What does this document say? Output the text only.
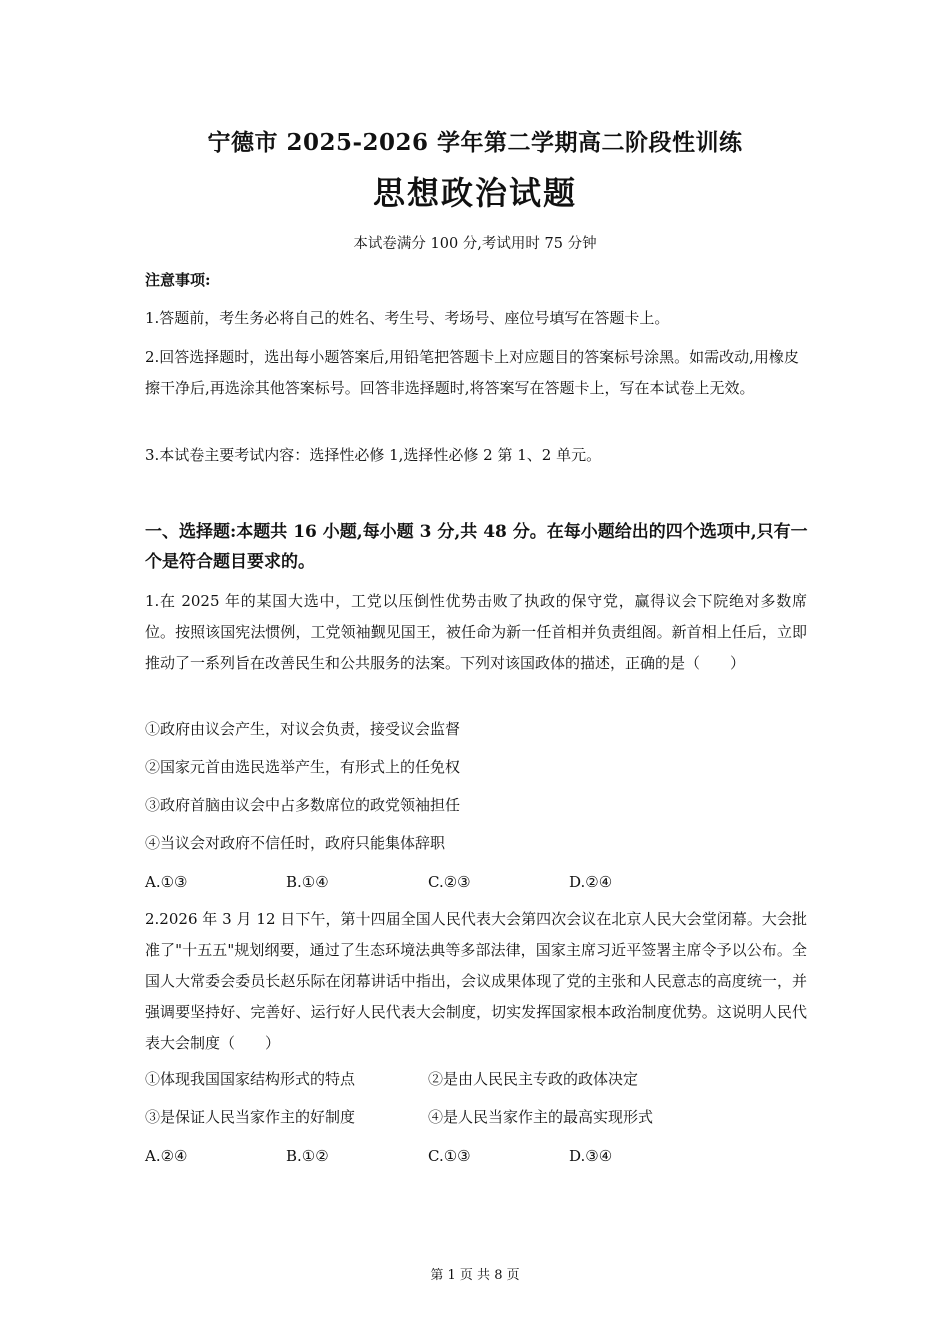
宁德市 2025-2026 学年第二学期高二阶段性训练
思想政治试题
本试卷满分 100 分,考试用时 75 分钟
注意事项:
1.答题前，考生务必将自己的姓名、考生号、考场号、座位号填写在答题卡上。
2.回答选择题时，选出每小题答案后,用铅笔把答题卡上对应题目的答案标号涂黑。如需改动,用橡皮擦干净后,再选涂其他答案标号。回答非选择题时,将答案写在答题卡上，写在本试卷上无效。
3.本试卷主要考试内容：选择性必修 1,选择性必修 2 第 1、2 单元。
一、选择题:本题共 16 小题,每小题 3 分,共 48 分。在每小题给出的四个选项中,只有一个是符合题目要求的。
1.在 2025 年的某国大选中，工党以压倒性优势击败了执政的保守党，赢得议会下院绝对多数席位。按照该国宪法惯例，工党领袖觐见国王，被任命为新一任首相并负责组阁。新首相上任后，立即推动了一系列旨在改善民生和公共服务的法案。下列对该国政体的描述，正确的是（　　）
①政府由议会产生，对议会负责，接受议会监督
②国家元首由选民选举产生，有形式上的任免权
③政府首脑由议会中占多数席位的政党领袖担任
④当议会对政府不信任时，政府只能集体辞职
A.①③	B.①④	C.②③	D.②④
2.2026 年 3 月 12 日下午，第十四届全国人民代表大会第四次会议在北京人民大会堂闭幕。大会批准了"十五五"规划纲要，通过了生态环境法典等多部法律，国家主席习近平签署主席令予以公布。全国人大常委会委员长赵乐际在闭幕讲话中指出，会议成果体现了党的主张和人民意志的高度统一，并强调要坚持好、完善好、运行好人民代表大会制度，切实发挥国家根本政治制度优势。这说明人民代表大会制度（　　）
①体现我国国家结构形式的特点	②是由人民民主专政的政体决定
③是保证人民当家作主的好制度	④是人民当家作主的最高实现形式
A.②④	B.①②	C.①③	D.③④
第 1 页 共 8 页
